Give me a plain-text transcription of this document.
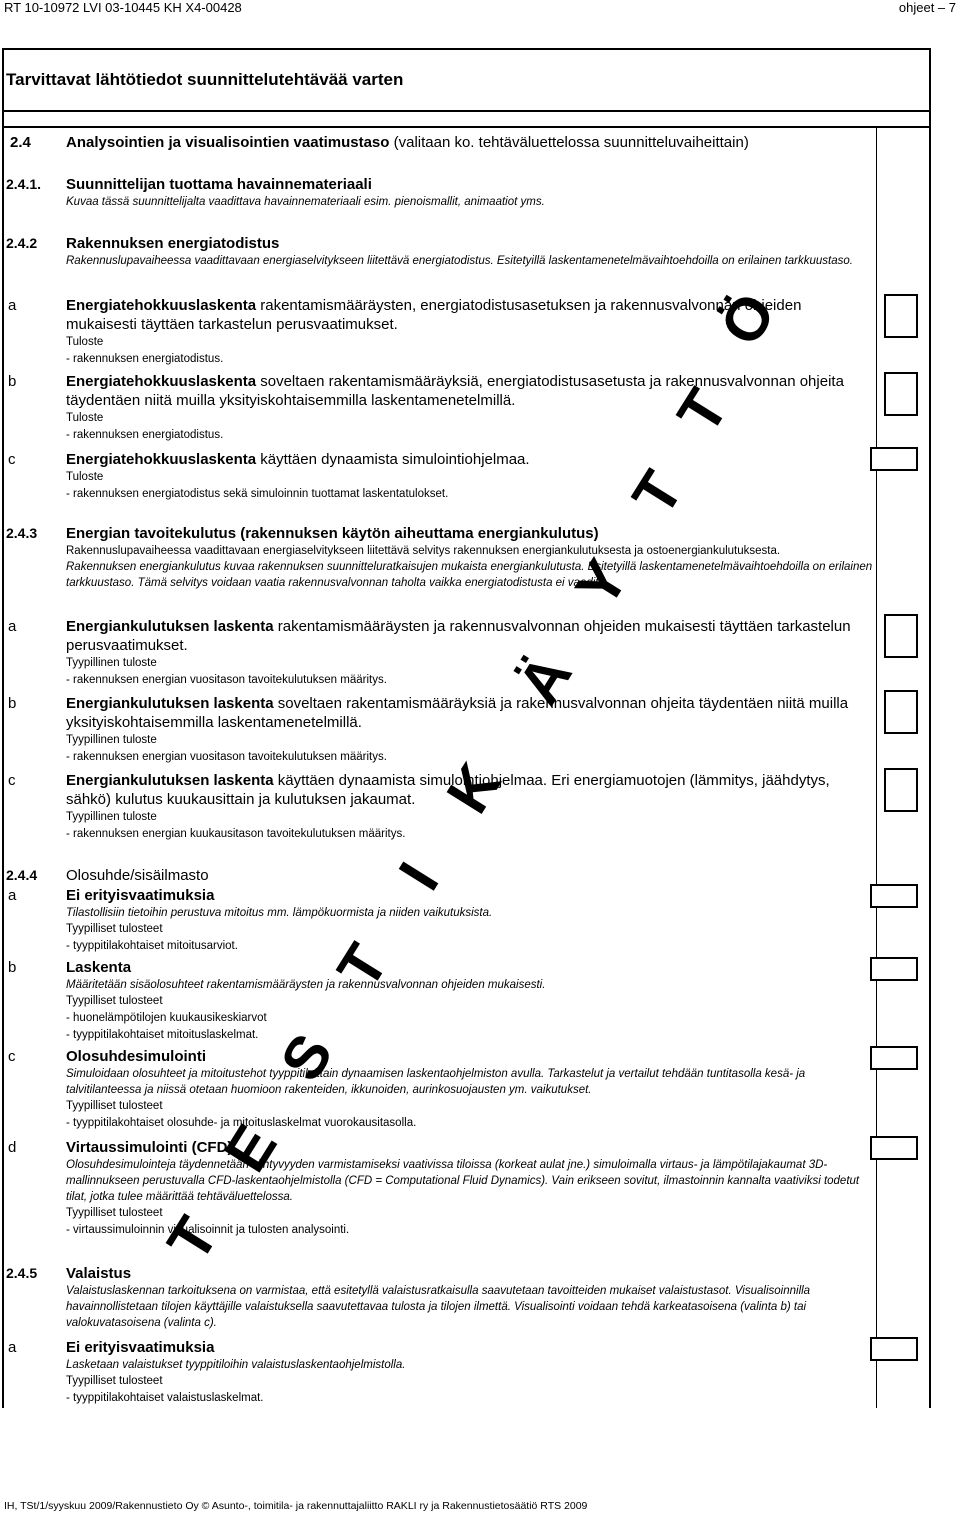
RT 10-10972 LVI 03-10445 KH X4-00428	ohjeet – 7
Tarvittavat lähtötiedot suunnittelutehtävää varten
2.4 Analysointien ja visualisointien vaatimustaso (valitaan ko. tehtäväluettelossa suunnitteluvaiheittain)
2.4.1. Suunnittelijan tuottama havainnemateriaali
Kuvaa tässä suunnittelijalta vaadittava havainnemateriaali esim. pienoismallit, animaatiot yms.
2.4.2 Rakennuksen energiatodistus
Rakennuslupavaiheessa vaadittavaan energiaselvitykseen liitettävä energiatodistus. Esitetyillä laskentamenetelmävaihtoehdoilla on erilainen tarkkuustaso.
a	Energiatehokkuuslaskenta rakentamismääräysten, energiatodistusasetuksen ja rakennusvalvonnan ohjeiden mukaisesti täyttäen tarkastelun perusvaatimukset.
Tuloste
- rakennuksen energiatodistus.
b	Energiatehokkuuslaskenta soveltaen rakentamismääräyksiä, energiatodistusasetusta ja rakennusvalvonnan ohjeita täydentäen niitä muilla yksityiskohtaisemmilla laskentamenetelmillä.
Tuloste
- rakennuksen energiatodistus.
c	Energiatehokkuuslaskenta käyttäen dynaamista simulointiohjelmaa.
Tuloste
- rakennuksen energiatodistus sekä simuloinnin tuottamat laskentatulokset.
2.4.3 Energian tavoitekulutus (rakennuksen käytön aiheuttama energiankulutus)
Rakennuslupavaiheessa vaadittavaan energiaselvitykseen liitettävä selvitys rakennuksen energiankulutuksesta ja ostoenergiankulutuksesta.
Rakennuksen energiankulutus kuvaa rakennuksen suunnitteluratkaisujen mukaista energiankulutusta. Esitetyillä laskentamenetelmävaihtoehdoilla on erilainen tarkkuustaso. Tämä selvitys voidaan vaatia rakennusvalvonnan taholta vaikka energiatodistusta ei vaadita.
a	Energiankulutuksen laskenta rakentamismääräysten ja rakennusvalvonnan ohjeiden mukaisesti täyttäen tarkastelun perusvaatimukset.
Tyypillinen tuloste
- rakennuksen energian vuositason tavoitekulutuksen määritys.
b	Energiankulutuksen laskenta soveltaen rakentamismääräyksiä ja rakennusvalvonnan ohjeita täydentäen niitä muilla yksityiskohtaisemmilla laskentamenetelmillä.
Tyypillinen tuloste
- rakennuksen energian vuositason tavoitekulutuksen määritys.
c	Energiankulutuksen laskenta käyttäen dynaamista simulointiohjelmaa. Eri energiamuotojen (lämmitys, jäähdytys, sähkö) kulutus kuukausittain ja kulutuksen jakaumat.
Tyypillinen tuloste
- rakennuksen energian kuukausitason tavoitekulutuksen määritys.
2.4.4 Olosuhde/sisäilmasto
a	Ei erityisvaatimuksia
Tilastollisiin tietoihin perustuva mitoitus mm. lämpökuormista ja niiden vaikutuksista.
Tyypilliset tulosteet
- tyyppitilakohtaiset mitoitusarviot.
b	Laskenta
Määritetään sisäolosuhteet rakentamismääräysten ja rakennusvalvonnan ohjeiden mukaisesti.
Tyypilliset tulosteet
- huonelämpötilojen kuukausikeskiarvot
- tyyppitilakohtaiset mitoituslaskelmat.
c	Olosuhdesimulointi
Simuloidaan olosuhteet ja mitoitustehot tyyppitiloittain dynaamisen laskentaohjelmiston avulla. Tarkastelut ja vertailut tehdään tuntitasolla kesä- ja talvitilanteessa ja niissä otetaan huomioon rakenteiden, ikkunoiden, aurinkosuojausten ym. vaikutukset.
Tyypilliset tulosteet
- tyyppitilakohtaiset olosuhde- ja mitoituslaskelmat vuorokausitasolla.
d	Virtaussimulointi (CFD)
Olosuhdesimulointeja täydennetään viihtyvyyden varmistamiseksi vaativissa tiloissa (korkeat aulat jne.) simuloimalla virtaus- ja lämpötilajakaumat 3D-mallinnukseen perustuvalla CFD-laskentaohjelmistolla (CFD = Computational Fluid Dynamics). Vain erikseen sovitut, ilmastoinnin kannalta vaativiksi todetut tilat, jotka tulee määrittää tehtäväluettelossa.
Tyypilliset tulosteet
- virtaussimuloinnin visualisoinnit ja tulosten analysointi.
2.4.5 Valaistus
Valaistuslaskennan tarkoituksena on varmistaa, että esitetyllä valaistusratkaisulla saavutetaan tavoitteiden mukaiset valaistustasot. Visualisoinnilla havainnollistetaan tilojen käyttäjille valaistuksella saavutettavaa tulosta ja tilojen ilmettä. Visualisointi voidaan tehdä karkeatasoisena (valinta b) tai valokuvatasoisena (valinta c).
a	Ei erityisvaatimuksia
Lasketaan valaistukset tyyppitiloihin valaistuslaskentaohjelmistolla.
Tyypilliset tulosteet
- tyyppitilakohtaiset valaistuslaskelmat.
T
E
S
T
I
K
Ä
Y
T
T
Ö
IH, TSt/1/syyskuu 2009/Rakennustieto Oy © Asunto-, toimitila- ja rakennuttajaliitto RAKLI ry ja Rakennustietosäätiö RTS 2009
